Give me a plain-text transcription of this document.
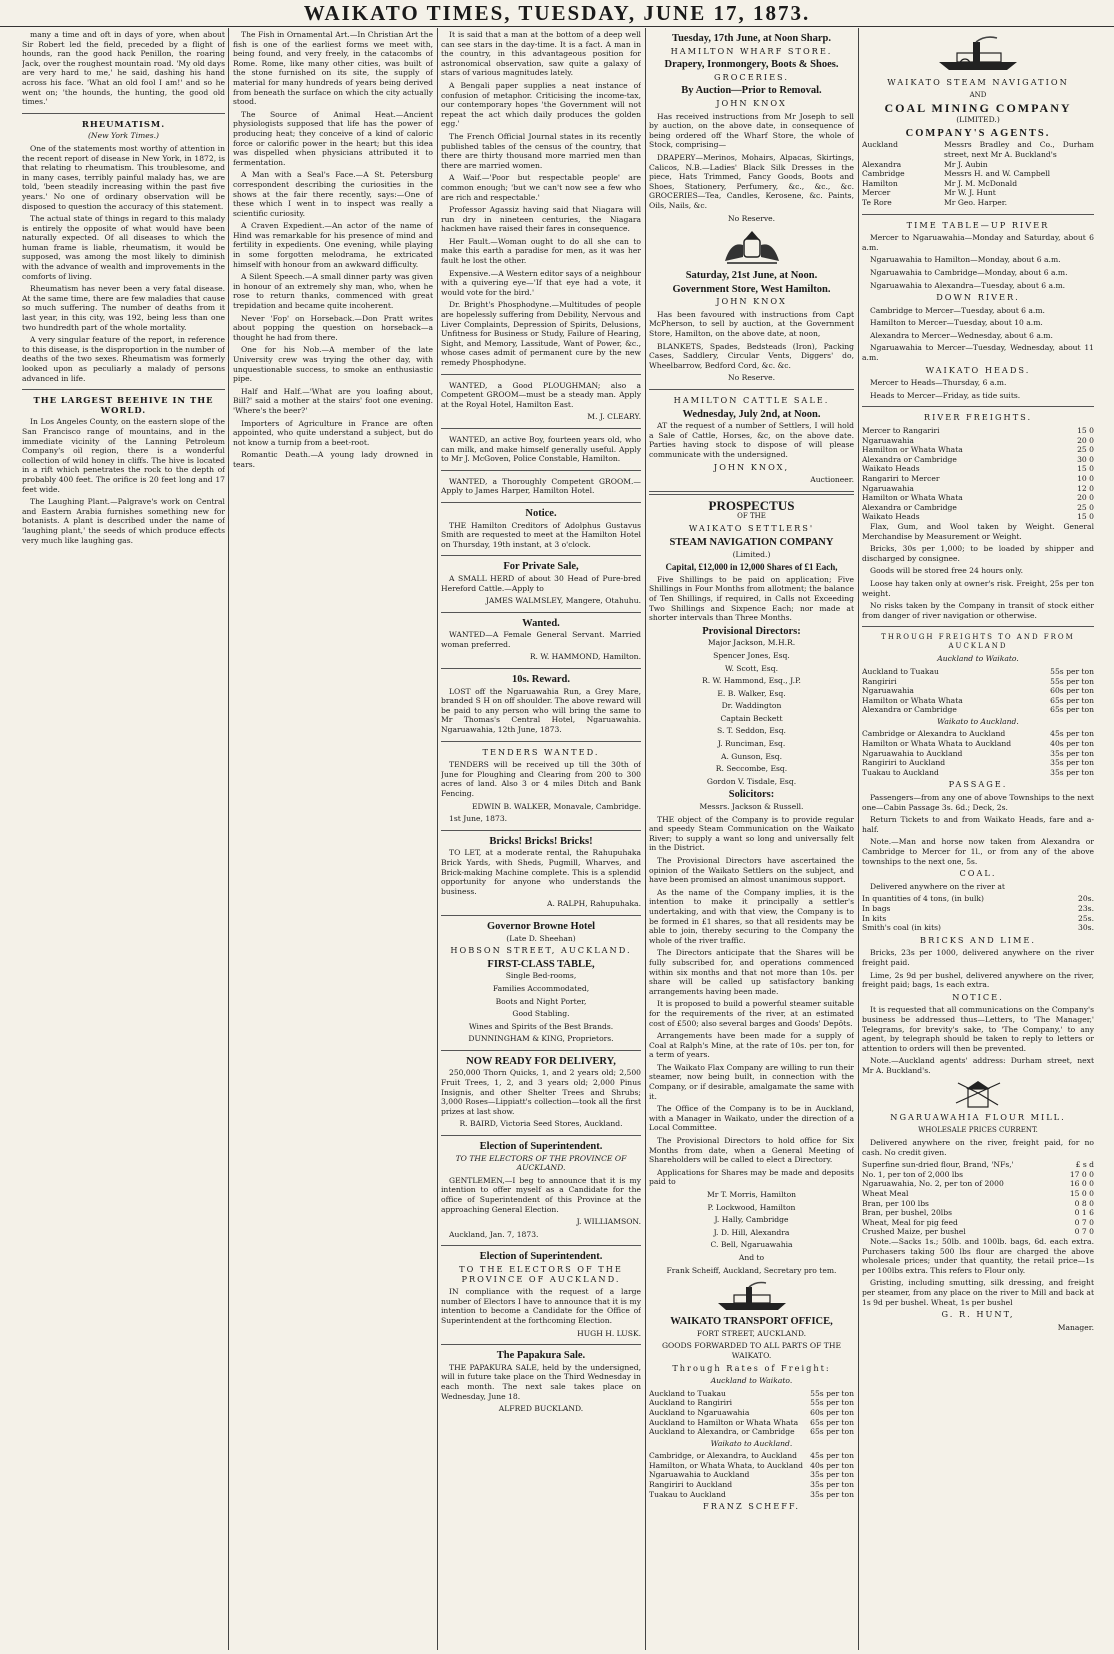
WAIKATO TIMES, TUESDAY, JUNE 17, 1873.

many a time and oft in days of yore, when about Sir Robert led the field, preceded by a flight of hounds, ran the good hack Penillon, the roaring Jack, over the roughest mountain road. 'My old days are very hard to me,' he said, dashing his hand across his face. 'What an old fool I am!' and so he went on; 'the hounds, the hunting, the good old times.'

RHEUMATISM.

(New York Times.)

One of the statements most worthy of attention in the recent report of disease in New York, in 1872, is that relating to rheumatism. This troublesome, and in many cases, terribly painful malady has, we are told, 'been steadily increasing within the past five years.' No one of ordinary observation will be disposed to question the accuracy of this statement.

The actual state of things in regard to this malady is entirely the opposite of what would have been naturally expected. Of all diseases to which the human frame is liable, rheumatism, it would be supposed, was among the most likely to diminish with the advance of wealth and improvements in the comforts of living.

Rheumatism has never been a very fatal disease. At the same time, there are few maladies that cause so much suffering. The number of deaths from it last year, in this city, was 192, being less than one two hundredth part of the whole mortality.

A very singular feature of the report, in reference to this disease, is the disproportion in the number of deaths of the two sexes. Rheumatism was formerly looked upon as peculiarly a malady of persons advanced in life.

THE LARGEST BEEHIVE IN THE WORLD.

In Los Angeles County, on the eastern slope of the San Francisco range of mountains, and in the immediate vicinity of the Lanning Petroleum Company's oil region, there is a wonderful collection of wild honey in cliffs. The hive is located in a rift which penetrates the rock to the depth of probably 400 feet. The orifice is 20 feet long and 17 feet wide.

The Laughing Plant.—Palgrave's work on Central and Eastern Arabia furnishes something new for botanists. A plant is described under the name of 'laughing plant,' the seeds of which produce effects very much like laughing gas.

The Fish in Ornamental Art.—In Christian Art the fish is one of the earliest forms we meet with, being found, and very freely, in the catacombs of Rome. Rome, like many other cities, was built of the stone furnished on its site, the supply of material for many hundreds of years being derived from beneath the surface on which the city actually stood.

The Source of Animal Heat.—Ancient physiologists supposed that life has the power of producing heat; they conceive of a kind of caloric force or calorific power in the heart; but this idea was dispelled when physicians attributed it to fermentation.

A Man with a Seal's Face.—A St. Petersburg correspondent describing the curiosities in the shows at the fair there recently, says:—One of these which I went in to inspect was really a scientific curiosity.

A Craven Expedient.—An actor of the name of Hind was remarkable for his presence of mind and fertility in expedients. One evening, while playing in some forgotten melodrama, he extricated himself with honour from an awkward difficulty.

A Silent Speech.—A small dinner party was given in honour of an extremely shy man, who, when he rose to return thanks, commenced with great trepidation and became quite incoherent.

Never 'Fop' on Horseback.—Don Pratt writes about popping the question on horseback—a thought he had from there.

One for his Nob.—A member of the late University crew was trying the other day, with unquestionable success, to smoke an enthusiastic pipe.

Half and Half.—'What are you loafing about, Bill?' said a mother at the stairs' foot one evening. 'Where's the beer?'

Importers of Agriculture in France are often appointed, who quite understand a subject, but do not know a turnip from a beet-root.

Romantic Death.—A young lady drowned in tears.

It is said that a man at the bottom of a deep well can see stars in the day-time. It is a fact. A man in the country, in this advantageous position for astronomical observation, saw quite a galaxy of stars of various magnitudes lately.

A Bengali paper supplies a neat instance of confusion of metaphor. Criticising the income-tax, our contemporary hopes 'the Government will not repeat the act which daily produces the golden egg.'

The French Official Journal states in its recently published tables of the census of the country, that there are thirty thousand more married men than there are married women.

A Waif.—'Poor but respectable people' are common enough; 'but we can't now see a few who are rich and respectable.'

Professor Agassiz having said that Niagara will run dry in nineteen centuries, the Niagara hackmen have raised their fares in consequence.

Her Fault.—Woman ought to do all she can to make this earth a paradise for men, as it was her fault he lost the other.

Expensive.—A Western editor says of a neighbour with a quivering eye—'If that eye had a vote, it would vote for the bird.'

Dr. Bright's Phosphodyne.—Multitudes of people are hopelessly suffering from Debility, Nervous and Liver Complaints, Depression of Spirits, Delusions, Unfitness for Business or Study, Failure of Hearing, Sight, and Memory, Lassitude, Want of Power, &c., whose cases admit of permanent cure by the new remedy Phosphodyne.

WANTED, a Good PLOUGHMAN; also a Competent GROOM—must be a steady man. Apply at the Royal Hotel, Hamilton East.

M. J. CLEARY.

WANTED, an active Boy, fourteen years old, who can milk, and make himself generally useful. Apply to Mr J. McGoven, Police Constable, Hamilton.

WANTED, a Thoroughly Competent GROOM.—Apply to James Harper, Hamilton Hotel.

Notice.

THE Hamilton Creditors of Adolphus Gustavus Smith are requested to meet at the Hamilton Hotel on Thursday, 19th instant, at 3 o'clock.

For Private Sale,

A SMALL HERD of about 30 Head of Pure-bred Hereford Cattle.—Apply to

JAMES WALMSLEY, Mangere, Otahuhu.

Wanted.

WANTED—A Female General Servant. Married woman preferred.

R. W. HAMMOND, Hamilton.

10s. Reward.

LOST off the Ngaruawahia Run, a Grey Mare, branded S H on off shoulder. The above reward will be paid to any person who will bring the same to Mr Thomas's Central Hotel, Ngaruawahia. Ngaruawahia, 12th June, 1873.

TENDERS WANTED.

TENDERS will be received up till the 30th of June for Ploughing and Clearing from 200 to 300 acres of land. Also 3 or 4 miles Ditch and Bank Fencing.

EDWIN B. WALKER, Monavale, Cambridge.

1st June, 1873.

Bricks! Bricks! Bricks!

TO LET, at a moderate rental, the Rahupuhaka Brick Yards, with Sheds, Pugmill, Wharves, and Brick-making Machine complete. This is a splendid opportunity for anyone who understands the business.

A. RALPH, Rahupuhaka.

Governor Browne Hotel

(Late D. Sheehan)

HOBSON STREET, AUCKLAND.

FIRST-CLASS TABLE,

Single Bed-rooms,

Families Accommodated,

Boots and Night Porter,

Good Stabling.

Wines and Spirits of the Best Brands.

DUNNINGHAM & KING, Proprietors.

NOW READY FOR DELIVERY,

250,000 Thorn Quicks, 1, and 2 years old; 2,500 Fruit Trees, 1, 2, and 3 years old; 2,000 Pinus Insignis, and other Shelter Trees and Shrubs; 3,000 Roses—Lippiatt's collection—took all the first prizes at last show.

R. BAIRD, Victoria Seed Stores, Auckland.

Election of Superintendent.

TO THE ELECTORS OF THE PROVINCE OF AUCKLAND.

GENTLEMEN,—I beg to announce that it is my intention to offer myself as a Candidate for the office of Superintendent of this Province at the approaching General Election.

J. WILLIAMSON.

Auckland, Jan. 7, 1873.

Election of Superintendent.

TO THE ELECTORS OF THE PROVINCE OF AUCKLAND.

IN compliance with the request of a large number of Electors I have to announce that it is my intention to become a Candidate for the Office of Superintendent at the forthcoming Election.

HUGH H. LUSK.

The Papakura Sale.

THE PAPAKURA SALE, held by the undersigned, will in future take place on the Third Wednesday in each month. The next sale takes place on Wednesday, June 18.

ALFRED BUCKLAND.

Tuesday, 17th June, at Noon Sharp.

HAMILTON WHARF STORE.

Drapery, Ironmongery, Boots & Shoes.

GROCERIES.

By Auction—Prior to Removal.

JOHN KNOX

Has received instructions from Mr Joseph to sell by auction, on the above date, in consequence of being ordered off the Wharf Store, the whole of Stock, comprising—

DRAPERY—Merinos, Mohairs, Alpacas, Skirtings, Calicos, N.B.—Ladies' Black Silk Dresses in the piece, Hats Trimmed, Fancy Goods, Boots and Shoes, Stationery, Perfumery, &c., &c., &c. GROCERIES—Tea, Candles, Kerosene, &c. Paints, Oils, Nails, &c.

No Reserve.

Saturday, 21st June, at Noon.

Government Store, West Hamilton.

JOHN KNOX

Has been favoured with instructions from Capt McPherson, to sell by auction, at the Government Store, Hamilton, on the above date, at noon,

BLANKETS, Spades, Bedsteads (Iron), Packing Cases, Saddlery, Circular Vents, Diggers' do, Wheelbarrow, Bedford Cord, &c. &c.

No Reserve.

HAMILTON CATTLE SALE.

Wednesday, July 2nd, at Noon.

AT the request of a number of Settlers, I will hold a Sale of Cattle, Horses, &c, on the above date. Parties having stock to dispose of will please communicate with the undersigned.

JOHN KNOX,

Auctioneer.

PROSPECTUS

OF THE

WAIKATO SETTLERS'

STEAM NAVIGATION COMPANY

(Limited.)

Capital, £12,000 in 12,000 Shares of £1 Each,

Five Shillings to be paid on application; Five Shillings in Four Months from allotment; the balance of Ten Shillings, if required, in Calls not Exceeding Two Shillings and Sixpence Each; nor made at shorter intervals than Three Months.

Provisional Directors:

Major Jackson, M.H.R.

Spencer Jones, Esq.

W. Scott, Esq.

R. W. Hammond, Esq., J.P.

E. B. Walker, Esq.

Dr. Waddington

Captain Beckett

S. T. Seddon, Esq.

J. Runciman, Esq.

A. Gunson, Esq.

R. Seccombe, Esq.

Gordon V. Tisdale, Esq.

Solicitors:

Messrs. Jackson & Russell.

THE object of the Company is to provide regular and speedy Steam Communication on the Waikato River; to supply a want so long and universally felt in the District.

The Provisional Directors have ascertained the opinion of the Waikato Settlers on the subject, and have been promised an almost unanimous support.

As the name of the Company implies, it is the intention to make it principally a settler's undertaking, and with that view, the Company is to be formed in £1 shares, so that all residents may be able to join, thereby securing to the Company the whole of the river traffic.

The Directors anticipate that the Shares will be fully subscribed for, and operations commenced within six months and that not more than 10s. per share will be called up satisfactory banking arrangements having been made.

It is proposed to build a powerful steamer suitable for the requirements of the river, at an estimated cost of £500; also several barges and Goods' Depôts.

Arrangements have been made for a supply of Coal at Ralph's Mine, at the rate of 10s. per ton, for a term of years.

The Waikato Flax Company are willing to run their steamer, now being built, in connection with the Company, or if desirable, amalgamate the same with it.

The Office of the Company is to be in Auckland, with a Manager in Waikato, under the direction of a Local Committee.

The Provisional Directors to hold office for Six Months from date, when a General Meeting of Shareholders will be called to elect a Directory.

Applications for Shares may be made and deposits paid to

Mr T. Morris, Hamilton

P. Lockwood, Hamilton

J. Hally, Cambridge

J. D. Hill, Alexandra

C. Bell, Ngaruawahia

And to

Frank Scheiff, Auckland, Secretary pro tem.

WAIKATO TRANSPORT OFFICE,

FORT STREET, AUCKLAND.

GOODS FORWARDED TO ALL PARTS OF THE WAIKATO.

Through Rates of Freight:

Auckland to Waikato.

Auckland to Tuakau	55s per ton
Auckland to Rangiriri	55s per ton
Auckland to Ngaruawahia	60s per ton
Auckland to Hamilton or Whata Whata 65s per ton
Auckland to Alexandra, or Cambridge 65s per ton

Waikato to Auckland.

Cambridge, or Alexandra, to Auckland 45s per ton
Hamilton, or Whata Whata, to Auckland 40s per ton
Ngaruawahia to Auckland	35s per ton
Rangiriri to Auckland	35s per ton
Tuakau to Auckland	35s per ton

FRANZ SCHEFF.

WAIKATO STEAM NAVIGATION

AND

COAL MINING COMPANY

(LIMITED.)

COMPANY'S AGENTS.

Auckland	Messrs Bradley and Co., Durham street, next Mr A. Buckland's
Alexandra	Mr J. Aubin
Cambridge	Messrs H. and W. Campbell
Hamilton	Mr J. M. McDonald
Mercer	Mr W. J. Hunt
Te Rore	Mr Geo. Harper.

TIME TABLE—UP RIVER

Mercer to Ngaruawahia—Monday and Saturday, about 6 a.m.

Ngaruawahia to Hamilton—Monday, about 6 a.m.

Ngaruawahia to Cambridge—Monday, about 6 a.m.

Ngaruawahia to Alexandra—Tuesday, about 6 a.m.

DOWN RIVER.

Cambridge to Mercer—Tuesday, about 6 a.m.

Hamilton to Mercer—Tuesday, about 10 a.m.

Alexandra to Mercer—Wednesday, about 6 a.m.

Ngaruawahia to Mercer—Tuesday, Wednesday, about 11 a.m.

WAIKATO HEADS.

Mercer to Heads—Thursday, 6 a.m.

Heads to Mercer—Friday, as tide suits.

RIVER FREIGHTS.

Mercer to Rangariri	15 0
Ngaruawahia	20 0
Hamilton or Whata Whata	25 0
Alexandra or Cambridge	30 0
Waikato Heads	15 0
Rangariri to Mercer	10 0
Ngaruawahia	12 0
Hamilton or Whata Whata	20 0
Alexandra or Cambridge	25 0
Waikato Heads	15 0

Flax, Gum, and Wool taken by Weight. General Merchandise by Measurement or Weight.

Bricks, 30s per 1,000; to be loaded by shipper and discharged by consignee.

Goods will be stored free 24 hours only.

Loose hay taken only at owner's risk. Freight, 25s per ton weight.

No risks taken by the Company in transit of stock either from danger of river navigation or otherwise.

THROUGH FREIGHTS TO AND FROM AUCKLAND

Auckland to Waikato.

Auckland to Tuakau	55s per ton
Rangiriri	55s per ton
Ngaruawahia	60s per ton
Hamilton or Whata Whata	65s per ton
Alexandra or Cambridge	65s per ton

Waikato to Auckland.

Cambridge or Alexandra to Auckland	45s per ton
Hamilton or Whata Whata to Auckland	40s per ton
Ngaruawahia to Auckland	35s per ton
Rangiriri to Auckland	35s per ton
Tuakau to Auckland	35s per ton

PASSAGE.

Passengers—from any one of above Townships to the next one—Cabin Passage 3s. 6d.; Deck, 2s.

Return Tickets to and from Waikato Heads, fare and a-half.

Note.—Man and horse now taken from Alexandra or Cambridge to Mercer for 1l., or from any of the above townships to the next one, 5s.

COAL.

Delivered anywhere on the river at

In quantities of 4 tons, (in bulk)	20s.
In bags	23s.
In kits	25s.
Smith's coal (in kits)	30s.

BRICKS AND LIME.

Bricks, 23s per 1000, delivered anywhere on the river freight paid.

Lime, 2s 9d per bushel, delivered anywhere on the river, freight paid; bags, 1s each extra.

NOTICE.

It is requested that all communications on the Company's business be addressed thus—Letters, to 'The Manager,' Telegrams, for brevity's sake, to 'The Company,' to any agent, by telegraph should be taken to reply to letters or attention to orders will then be prevented.

Note.—Auckland agents' address: Durham street, next Mr A. Buckland's.

NGARUAWAHIA FLOUR MILL.

WHOLESALE PRICES CURRENT.

Delivered anywhere on the river, freight paid, for no cash. No credit given.

Superfine sun-dried flour, Brand, 'NFs,'	£ s d
No. 1, per ton of 2,000 lbs	17 0 0
Ngaruawahia, No. 2, per ton of 2000	16 0 0
Wheat Meal	15 0 0
Bran, per 100 lbs	0 8 0
Bran, per bushel, 20lbs	0 1 6
Wheat, Meal for pig feed	0 7 0
Crushed Maize, per bushel	0 7 0

Note.—Sacks 1s.; 50lb. and 100lb. bags, 6d. each extra. Purchasers taking 500 lbs flour are charged the above wholesale prices; under that quantity, the retail price—1s per 100lbs extra. This refers to Flour only.

Gristing, including smutting, silk dressing, and freight per steamer, from any place on the river to Mill and back at 1s 9d per bushel. Wheat, 1s per bushel

G. R. HUNT,

Manager.
